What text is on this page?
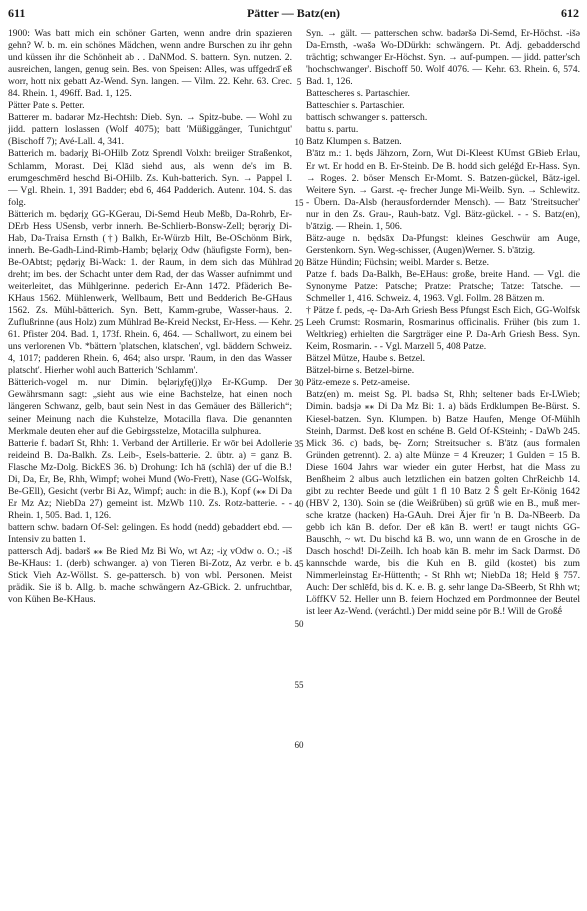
611	Pätter — Batz(en)	612

1900: Was batt mich ein schöner Garten, wenn andre drin spazieren gehn? W. b. m. ein schönes Mädchen, wenn andre Burschen zu ihr gehn und küssen ihr die Schönheit ab . . DaNMod. S. battern. Syn. nutzen. 2. ausreichen, langen, genug sein. Bes. von Speisen: Alles, was uffgedrā̆ eß worr, hott nix gebatt Az-Wend. Syn. langen. — Vilm. 22. Kehr. 63. Crec. 84. Rhein. 1, 496ff. Bad. 1, 125.

Pätter Pate s. Petter.

Batterer m. badǝrǝr Mz-Hechtsh: Dieb. Syn. → Spitz-bube. — Wohl zu jidd. pattern loslassen (Wolf 4075); batt 'Müßiggänger, Tunichtgut' (Bischoff 7); Avé-Lall. 4, 341.

Batterich m. badǝrịχ Bi-OHilb Zotz Sprendl Volxh: breiiger Straßenkot, Schlamm, Morast. Dei̮ Klād siehd aus, als wenn de's im B. erumgeschmērd heschd Bi-OHilb. Zs. Kuh-batterich. Syn. → Pappel I. — Vgl. Rhein. 1, 391 Badder; ebd 6, 464 Padderich. Autenr. 104. S. das folg.

Bätterich m. będǝrịχ GG-KGerau, Di-Semd Heub Meßb, Da-Rohrb, Er-DErb Hess USensb, verbr innerh. Be-Schlierb-Bonsw-Zell; bęrǝrịχ Di-Hab, Da-Traisa Ernsth (†) Balkh, Er-Würzb Hilt, Be-OSchönm Birk, innerh. Be-Gadh-Lind-Rimb-Hamb; bęlǝrịχ Odw (häufigste Form), ben- Be-OAbtst; pędǝrịχ Bi-Wack: 1. der Raum, in dem sich das Mühlrad dreht; im bes. der Schacht unter dem Rad, der das Wasser aufnimmt und weiterleitet, das Mühlgerinne. pederich Er-Ann 1472. Pfäderich Be-KHaus 1562. Mühlenwerk, Wellbaum, Bett und Bedderich Be-GHaus 1562. Zs. Mühl-bätterich. Syn. Bett, Kamm-grube, Wasser-haus. 2. Zuflußrinne (aus Holz) zum Mühlrad Be-Kreid Neckst, Er-Hess. — Kehr. 61. Pfister 204. Bad. 1, 173f. Rhein. 6, 464. — Schallwort, zu einem bei uns verlorenen Vb. *bättern 'platschen, klatschen', vgl. bäddern Schweiz. 4, 1017; padderen Rhein. 6, 464; also urspr. 'Raum, in den das Wasser platscht'. Hierher wohl auch Batterich 'Schlamm'.

Bätterich-vogel m. nur Dimin. bęlǝrịχfę(j)lχǝ Er-KGump. Der Gewährsmann sagt: „sieht aus wie eine Bachstelze, hat einen noch längeren Schwanz, gelb, baut sein Nest in das Gemäuer des Bällerich“; seiner Meinung nach die Kuhstelze, Motacilla flava. Die genannten Merkmale deuten eher auf die Gebirgsstelze, Motacilla sulphurea.

Batterie f. badǝrī St, Rhh: 1. Verband der Artillerie. Er wōr bei Adollerie reideind B. Da-Balkh. Zs. Leib-, Esels-batterie. 2. übtr. a) = ganz B. Flasche Mz-Dolg. BickES 36. b) Drohung: Ich hā (schlā) der uf die B.! Di, Da, Er, Be, Rhh, Wimpf; wohei Mund (Wo-Frett), Nase (GG-Wolfsk, Be-GEll), Gesicht (verbr Bi Az, Wimpf; auch: in die B.), Kopf (⁎⁎ Di Da Er Mz Az; NiebDa 27) gemeint ist. MzWb 110. Zs. Rotz-batterie. - - Rhein. 1, 505. Bad. 1, 126.

battern schw. badǝrn Of-Sel: gelingen. Es hodd (nedd) gebaddert ebd. — Intensiv zu batten 1.

pattersch Adj. badǝrš ⁎⁎ Be Ried Mz Bi Wo, wt Az; -iχ vOdw o. O.; -iš Be-KHaus: 1. (derb) schwanger. a) von Tieren Bi-Zotz, Az verbr. e b. Stick Vieh Az-Wöllst. S. ge-pattersch. b) von wbl. Personen. Meist prädik. Sie iš b. Allg. b. mache schwängern Az-GBick. 2. unfruchtbar, von Kühen Be-KHaus.

5
10
15
20
25
30
35
40
45
50
55
60

Syn. → gält. — patterschen schw. badǝršǝ Di-Semd, Er-Höchst. -išǝ Da-Ernsth, -wǝšǝ Wo-DDürkh: schwängern. Pt. Adj. gebadderschd trächtig; schwanger Er-Höchst. Syn. → auf-pumpen. — jidd. patter'sch 'hochschwanger'. Bischoff 50. Wolf 4076. — Kehr. 63. Rhein. 6, 574. Bad. 1, 126.

Battescheres s. Partaschier.

Batteschier s. Partaschier.

battisch schwanger s. pattersch.

battu s. partu.

Batz Klumpen s. Batzen.

B'ātz m.: 1. będs Jähzorn, Zorn, Wut Di-Kleest KUmst GBieb Erlau, Er wt. Er hodd en B. Er-Steinb. De B. hodd sich geléǧd Er-Hass. Syn. → Roges. 2. böser Mensch Er-Momt. S. Batzen-gückel, Bätz-igel. Weitere Syn. → Garst. -ę- frecher Junge Mi-Weilb. Syn. → Schlewitz. - Übern. Da-Alsb (herausfordernder Mensch). — Batz 'Streitsucher' nur in den Zs. Grau-, Rauh-batz. Vgl. Bätz-gückel. - - S. Batz(en), b'ātzig. — Rhein. 1, 506.

Bätz-auge n. będsāx Da-Pfungst: kleines Geschwür am Auge, Gerstenkorn. Syn. Weg-schisser, (Augen)Werner. S. b'ātzig.

Bätze Hündin; Füchsin; weibl. Marder s. Betze.

Patze f. bads Da-Balkh, Be-EHaus: große, breite Hand. — Vgl. die Synonyme Patze: Patsche; Pratze: Pratsche; Tatze: Tatsche. — Schmeller 1, 416. Schweiz. 4, 1963. Vgl. Follm. 28 Bätzen m.

† Pätze f. peds, -ę- Da-Arh Griesh Bess Pfungst Esch Eich, GG-Wolfsk Leeh Crumst: Rosmarin, Rosmarinus officinalis. Früher (bis zum 1. Weltkrieg) erhielten die Sargträger eine P. Da-Arh Griesh Bess. Syn. Keim, Rosmarin. - - Vgl. Marzell 5, 408 Patze.

Bätzel Mütze, Haube s. Betzel.

Bätzel-birne s. Betzel-birne.

Pätz-emeze s. Petz-ameise.

Batz(en) m. meist Sg. Pl. badsǝ St, Rhh; seltener bads Er-LWieb; Dimin. badsjǝ ⁎⁎ Di Da Mz Bi: 1. a) bäds Erdklumpen Be-Bürst. S. Kiesel-batzen. Syn. Klumpen. b) Batze Haufen, Menge Of-Mühlh Steinh, Darmst. Deß kost en schéne B. Geld Of-KSteinh; - DaWb 245. Mick 36. c) bads, bę- Zorn; Streitsucher s. B'ātz (aus formalen Gründen getrennt). 2. a) alte Münze = 4 Kreuzer; 1 Gulden = 15 B. Diese 1604 Jahrs war wieder ein guter Herbst, hat die Mass zu Benßheim 2 albus auch letztlichen ein batzen golten ChrReichb 14. gibt zu rechter Beede und gült 1 fl 10 Batz 2 Ŝ gelt Er-König 1642 (HBV 2, 130). Soin se (die Weißrüben) sü grūß wie en B., muß mer-sche kratze (hacken) Ha-GAuh. Drei Äjer fir 'n B. Da-NBeerb. Da gebb ich kān B. defor. Der eß kān B. wert! er taugt nichts GG-Bauschh, ~ wt. Du bischd kā B. wo, unn wann de en Grosche in de Dasch hoschd! Di-Zeilh. Ich hoab kān B. mehr im Sack Darmst. Dō kannschde warde, bis die Kuh en B. gild (kostet) bis zum Nimmerleinstag Er-Hüttenth; - St Rhh wt; NiebDa 18; Held § 757. Auch: Der schlēfd, bis d. K. e. B. g. sehr lange Da-SBeerb, St Rhh wt; LöffKV 52. Heller unn B. feiern Hochzed em Pordmonnee der Beutel ist leer Az-Wend. (veráchtl.) Der midd seine pōr B.! Will de Großḗ
